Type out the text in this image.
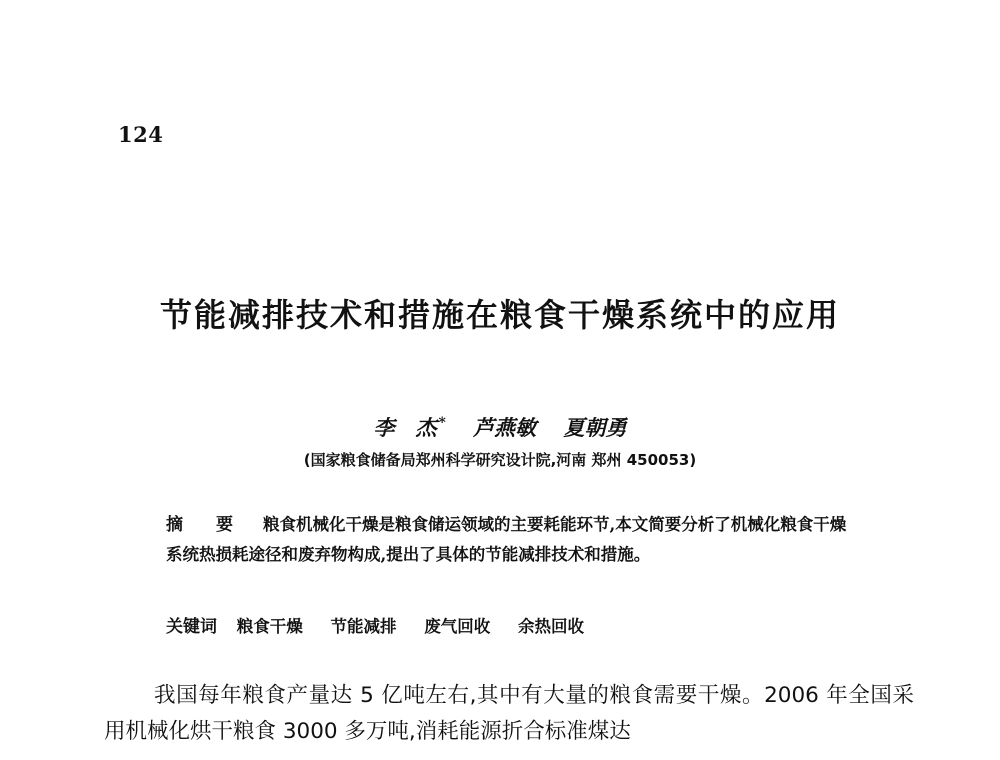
124
节能减排技术和措施在粮食干燥系统中的应用
李　杰 * 芦燕敏 夏朝勇
(国家粮食储备局郑州科学研究设计院,河南 郑州 450053)
摘　要 粮食机械化干燥是粮食储运领域的主要耗能环节,本文简要分析了机械化粮食干燥系统热损耗途径和废弃物构成,提出了具体的节能减排技术和措施。
关键词 粮食干燥 节能减排 废气回收 余热回收
我国每年粮食产量达 5 亿吨左右,其中有大量的粮食需要干燥。2006 年全国采用机械化烘干粮食 3000 多万吨,消耗能源折合标准煤达
